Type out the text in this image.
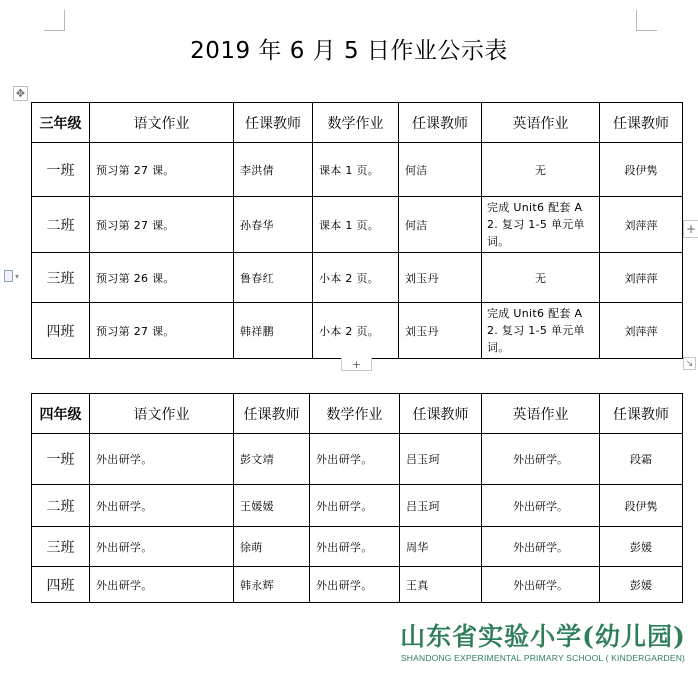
2019 年 6 月 5 日作业公示表
✥
▾
三年级	语文作业	任课教师	数学作业	任课教师	英语作业	任课教师
一班	预习第 27 课。	李洪倩	课本 1 页。	何洁	无	段伊隽
二班	预习第 27 课。	孙春华	课本 1 页。	何洁	完成 Unit6 配套 A 2. 复习 1-5 单元单词。	刘萍萍
三班	预习第 26 课。	鲁春红	小本 2 页。	刘玉丹	无	刘萍萍
四班	预习第 27 课。	韩祥鹏	小本 2 页。	刘玉丹	完成 Unit6 配套 A 2. 复习 1-5 单元单词。	刘萍萍
+
+	↘
四年级	语文作业	任课教师	数学作业	任课教师	英语作业	任课教师
一班	外出研学。	彭文靖	外出研学。	吕玉珂	外出研学。	段霜
二班	外出研学。	王媛媛	外出研学。	吕玉珂	外出研学。	段伊隽
三班	外出研学。	徐萌	外出研学。	周华	外出研学。	彭媛
四班	外出研学。	韩永辉	外出研学。	王真	外出研学。	彭媛
山东省实验小学(幼儿园)
SHANDONG EXPERIMENTAL PRIMARY SCHOOL ( KINDERGARDEN)
